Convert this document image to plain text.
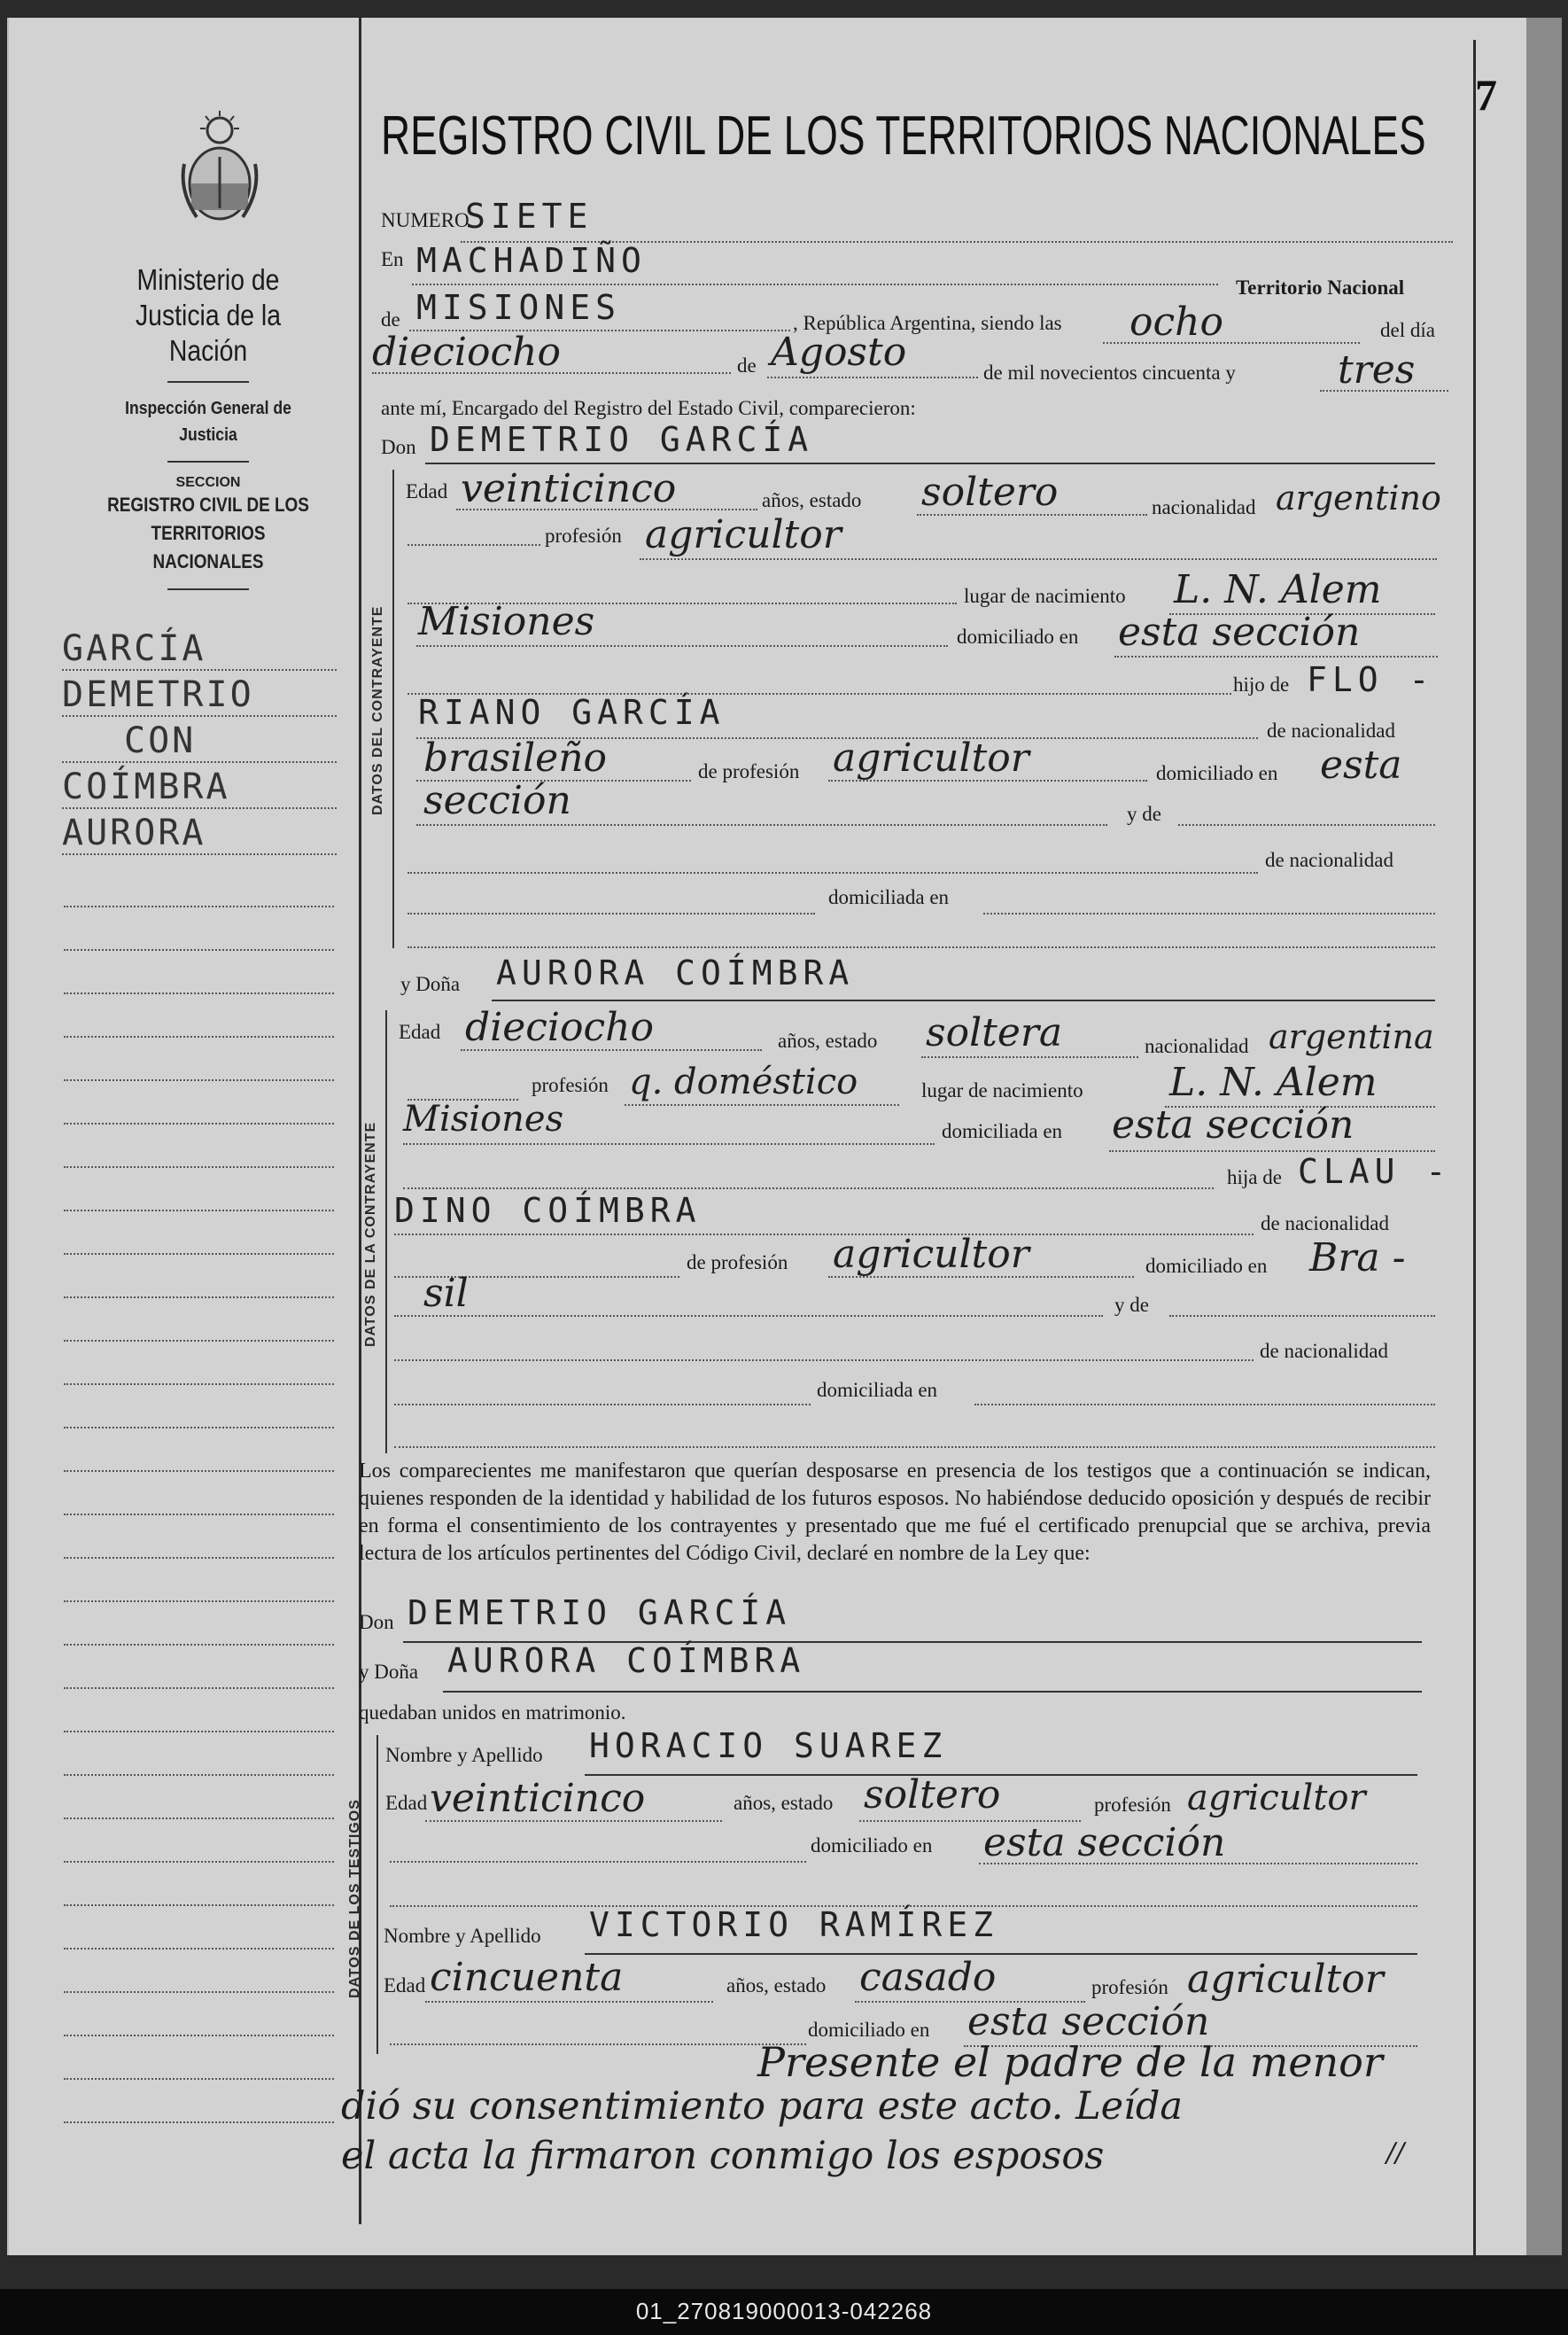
7
Ministerio de Justicia de la Nación
Inspección General de Justicia
SECCION
REGISTRO CIVIL DE LOS TERRITORIOS NACIONALES
GARCÍA
DEMETRIO
CON
COÍMBRA
AURORA
REGISTRO CIVIL DE LOS TERRITORIOS NACIONALES
NUMERO
SIETE
En MACHADIÑO
Territorio Nacional
de MISIONES	, República Argentina, siendo las ocho	del día
dieciocho	de Agosto	de mil novecientos cincuenta y	tres
ante mí, Encargado del Registro del Estado Civil, comparecieron:
Don DEMETRIO GARCÍA
DATOS DEL CONTRAYENTE
Edad veinticinco	años, estado soltero	nacionalidad argentino
profesión agricultor
lugar de nacimiento L. N. Alem
Misiones	domiciliado en esta sección
hijo de FLO -
RIANO GARCÍA	de nacionalidad
brasileño	de profesión agricultor	domiciliado en esta
sección	y de
de nacionalidad
domiciliada en
y Doña AURORA COÍMBRA
DATOS DE LA CONTRAYENTE
Edad dieciocho	años, estado soltera	nacionalidad argentina
profesión q. doméstico	lugar de nacimiento L. N. Alem
Misiones	domiciliada en esta sección
hija de CLAU -
DINO COÍMBRA	de nacionalidad
de profesión agricultor	domiciliado en Bra -
sil	y de
de nacionalidad
domiciliada en
Los comparecientes me manifestaron que querían desposarse en presencia de los testigos que a continuación se indican, quienes responden de la identidad y habilidad de los futuros esposos. No habiéndose deducido oposición y después de recibir en forma el consentimiento de los contrayentes y presentado que me fué el certificado prenupcial que se archiva, previa lectura de los artículos pertinentes del Código Civil, declaré en nombre de la Ley que:
Don DEMETRIO GARCÍA
y Doña AURORA COÍMBRA
quedaban unidos en matrimonio.
DATOS DE LOS TESTIGOS
Nombre y Apellido HORACIO SUAREZ
Edad veinticinco	años, estado soltero	profesión agricultor
domiciliado en esta sección
Nombre y Apellido VICTORIO RAMÍREZ
Edad cincuenta	años, estado casado	profesión agricultor
domiciliado en esta sección
Presente el padre de la menor
dió su consentimiento para este acto. Leída
el acta la firmaron conmigo los esposos	//
01_270819000013-042268
